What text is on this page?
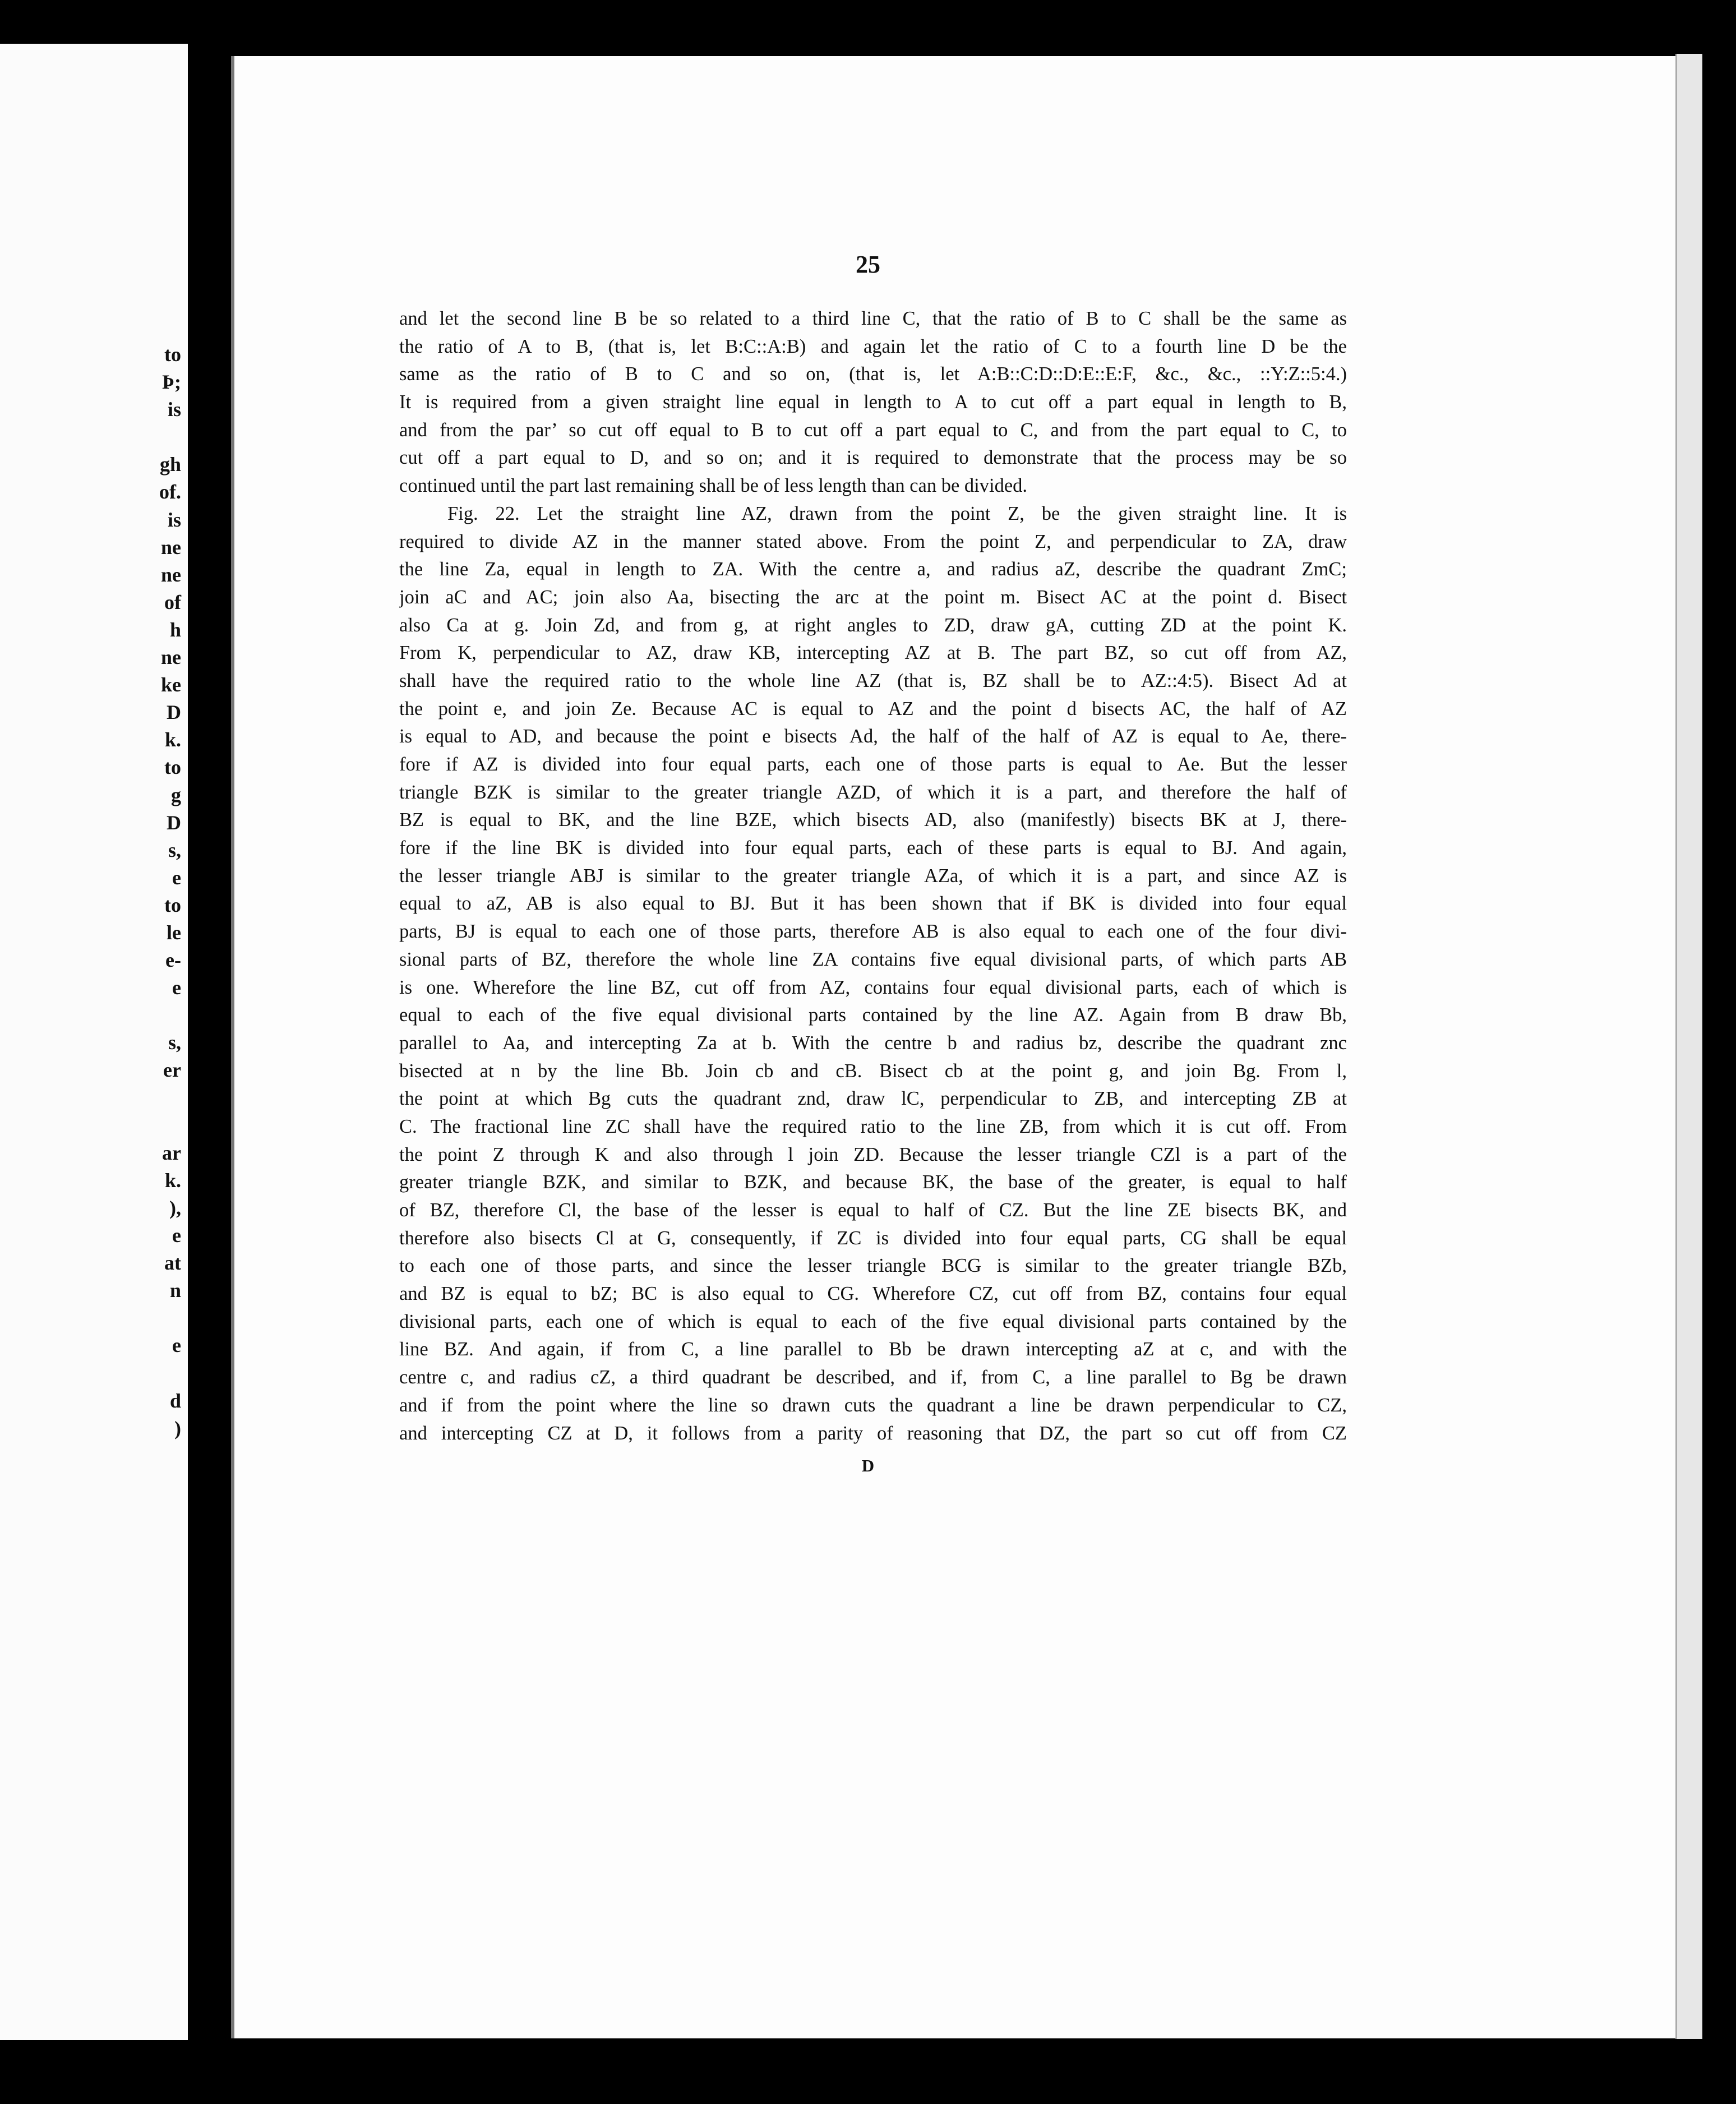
to
Þ;
is
gh
of.
is
ne
ne
of
h
ne
ke
D
k.
to
g
D
s,
e
to
le
e-
e
s,
er
ar
k.
),
e
at
n
e
d
)
25
and let the second line B be so related to a third line C, that the ratio of B to C shall be the same as
the ratio of A to B, (that is, let B:C::A:B) and again let the ratio of C to a fourth line D be the
same as the ratio of B to C and so on, (that is, let A:B::C:D::D:E::E:F, &c., &c., ::Y:Z::5:4.)
It is required from a given straight line equal in length to A to cut off a part equal in length to B,
and from the par’ so cut off equal to B to cut off a part equal to C, and from the part equal to C, to
cut off a part equal to D, and so on; and it is required to demonstrate that the process may be so
continued until the part last remaining shall be of less length than can be divided.
Fig. 22. Let the straight line AZ, drawn from the point Z, be the given straight line. It is
required to divide AZ in the manner stated above. From the point Z, and perpendicular to ZA, draw
the line Za, equal in length to ZA. With the centre a, and radius aZ, describe the quadrant ZmC;
join aC and AC; join also Aa, bisecting the arc at the point m. Bisect AC at the point d. Bisect
also Ca at g. Join Zd, and from g, at right angles to ZD, draw gA, cutting ZD at the point K.
From K, perpendicular to AZ, draw KB, intercepting AZ at B. The part BZ, so cut off from AZ,
shall have the required ratio to the whole line AZ (that is, BZ shall be to AZ::4:5). Bisect Ad at
the point e, and join Ze. Because AC is equal to AZ and the point d bisects AC, the half of AZ
is equal to AD, and because the point e bisects Ad, the half of the half of AZ is equal to Ae, there-
fore if AZ is divided into four equal parts, each one of those parts is equal to Ae. But the lesser
triangle BZK is similar to the greater triangle AZD, of which it is a part, and therefore the half of
BZ is equal to BK, and the line BZE, which bisects AD, also (manifestly) bisects BK at J, there-
fore if the line BK is divided into four equal parts, each of these parts is equal to BJ. And again,
the lesser triangle ABJ is similar to the greater triangle AZa, of which it is a part, and since AZ is
equal to aZ, AB is also equal to BJ. But it has been shown that if BK is divided into four equal
parts, BJ is equal to each one of those parts, therefore AB is also equal to each one of the four divi-
sional parts of BZ, therefore the whole line ZA contains five equal divisional parts, of which parts AB
is one. Wherefore the line BZ, cut off from AZ, contains four equal divisional parts, each of which is
equal to each of the five equal divisional parts contained by the line AZ. Again from B draw Bb,
parallel to Aa, and intercepting Za at b. With the centre b and radius bz, describe the quadrant znc
bisected at n by the line Bb. Join cb and cB. Bisect cb at the point g, and join Bg. From l,
the point at which Bg cuts the quadrant znd, draw lC, perpendicular to ZB, and intercepting ZB at
C. The fractional line ZC shall have the required ratio to the line ZB, from which it is cut off. From
the point Z through K and also through l join ZD. Because the lesser triangle CZl is a part of the
greater triangle BZK, and similar to BZK, and because BK, the base of the greater, is equal to half
of BZ, therefore Cl, the base of the lesser is equal to half of CZ. But the line ZE bisects BK, and
therefore also bisects Cl at G, consequently, if ZC is divided into four equal parts, CG shall be equal
to each one of those parts, and since the lesser triangle BCG is similar to the greater triangle BZb,
and BZ is equal to bZ; BC is also equal to CG. Wherefore CZ, cut off from BZ, contains four equal
divisional parts, each one of which is equal to each of the five equal divisional parts contained by the
line BZ. And again, if from C, a line parallel to Bb be drawn intercepting aZ at c, and with the
centre c, and radius cZ, a third quadrant be described, and if, from C, a line parallel to Bg be drawn
and if from the point where the line so drawn cuts the quadrant a line be drawn perpendicular to CZ,
and intercepting CZ at D, it follows from a parity of reasoning that DZ, the part so cut off from CZ
D
